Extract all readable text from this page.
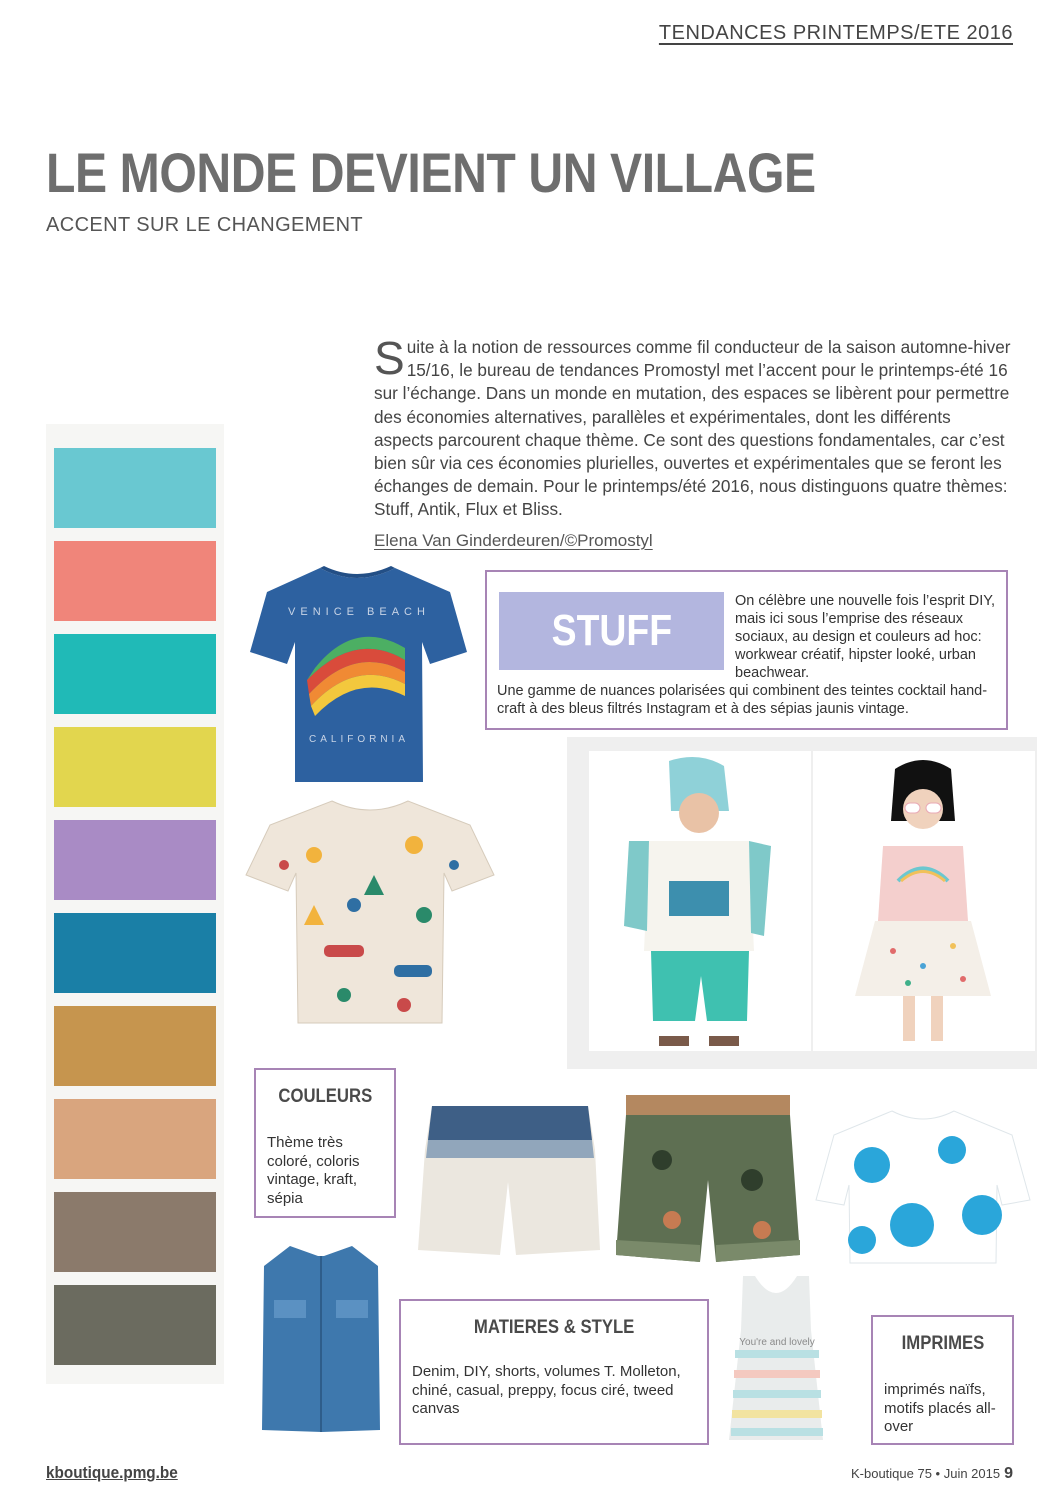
TENDANCES PRINTEMPS/ETE 2016
LE MONDE DEVIENT UN VILLAGE
ACCENT SUR LE CHANGEMENT
Suite à la notion de ressources comme fil conducteur de la saison automne-hiver 15/16, le bureau de tendances Promostyl met l’accent pour le printemps-été 16 sur l’échange. Dans un monde en mutation, des espaces se libèrent pour permettre des économies alternatives, parallèles et expérimentales, dont les différents aspects parcourent chaque thème. Ce sont des questions fondamentales, car c’est bien sûr via ces économies plurielles, ouvertes et expérimentales que se feront les échanges de demain. Pour le printemps/été 2016, nous distinguons quatre thèmes: Stuff, Antik, Flux et Bliss.
Elena Van Ginderdeuren/©Promostyl
VENICE BEACH
CALIFORNIA
STUFF
On célèbre une nouvelle fois l’esprit DIY, mais ici sous l’emprise des réseaux sociaux, au design et couleurs ad hoc: workwear créatif, hipster looké, urban beachwear.
Une gamme de nuances polarisées qui combinent des teintes cocktail hand-craft à des bleus filtrés Instagram et à des sépias jaunis vintage.
COULEURS
Thème très coloré, coloris vintage, kraft, sépia
MATIERES & STYLE
Denim, DIY, shorts, volumes T. Molleton, chiné, casual, preppy, focus ciré, tweed canvas
You're and lovely	IMPRIMES
imprimés naïfs, motifs placés all-over
kboutique.pmg.be	K-boutique 75 • Juin 2015 9
